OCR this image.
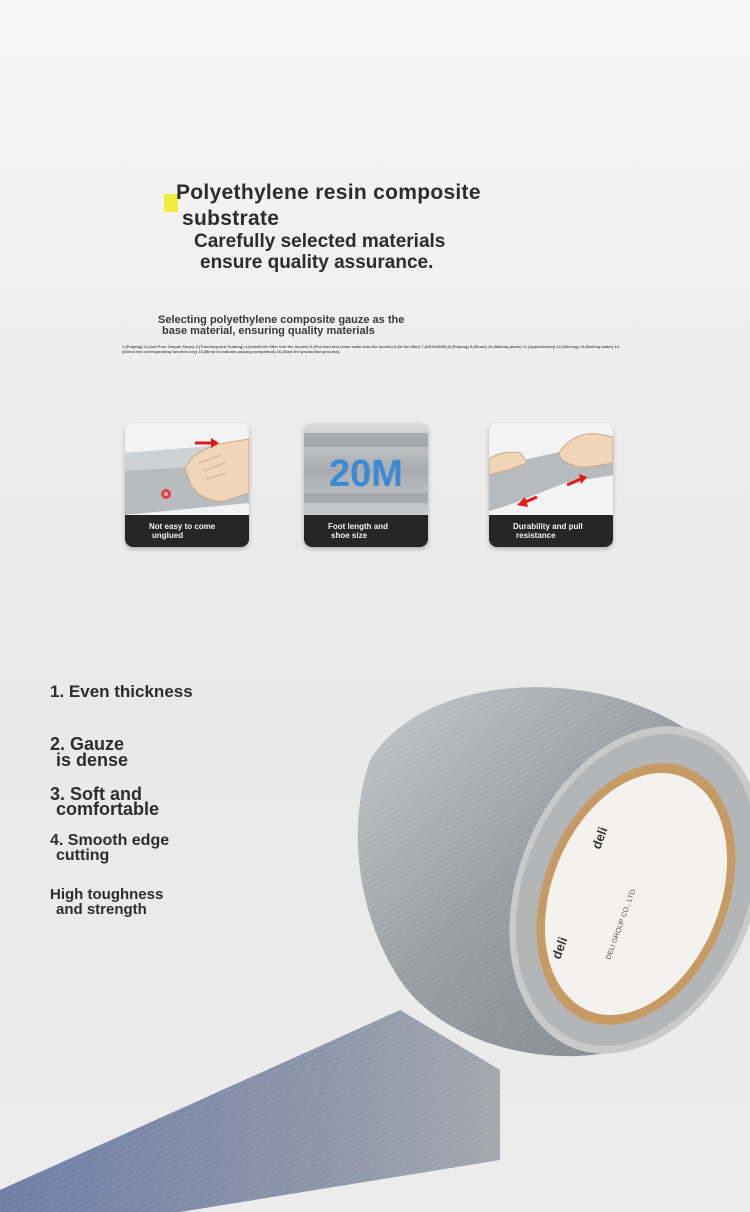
Polyethylene resin composite
substrate
Carefully selected materials
ensure quality assurance.
Selecting polyethylene composite gauze as the
base material, ensuring quality materials
1.(Pulping) 2.(Just Pour Simple Steps) 3.(Touching and Guiding) 4.(Install the filter into the bucket) 5.(Put food and clean water into the bucket) 6.(In the filter) 7.(DEGASSE) 8.(Pulping) 9.(Reset) 10.(Making paste) 11.(Appointment) 12.(Stirring) 13.(Boiling water) 14.(Select the corresponding function key) 15.(Beep to indicate pulping completion) 16.(Start the production process)
Not easy to come
unglued
20M
Foot length and
shoe size
Durability and pull
resistance
deli
DELI GROUP CO., LTD.
deli
1. Even thickness
2. Gauze
is dense
3. Soft and
comfortable
4. Smooth edge
cutting
High toughness
and strength
